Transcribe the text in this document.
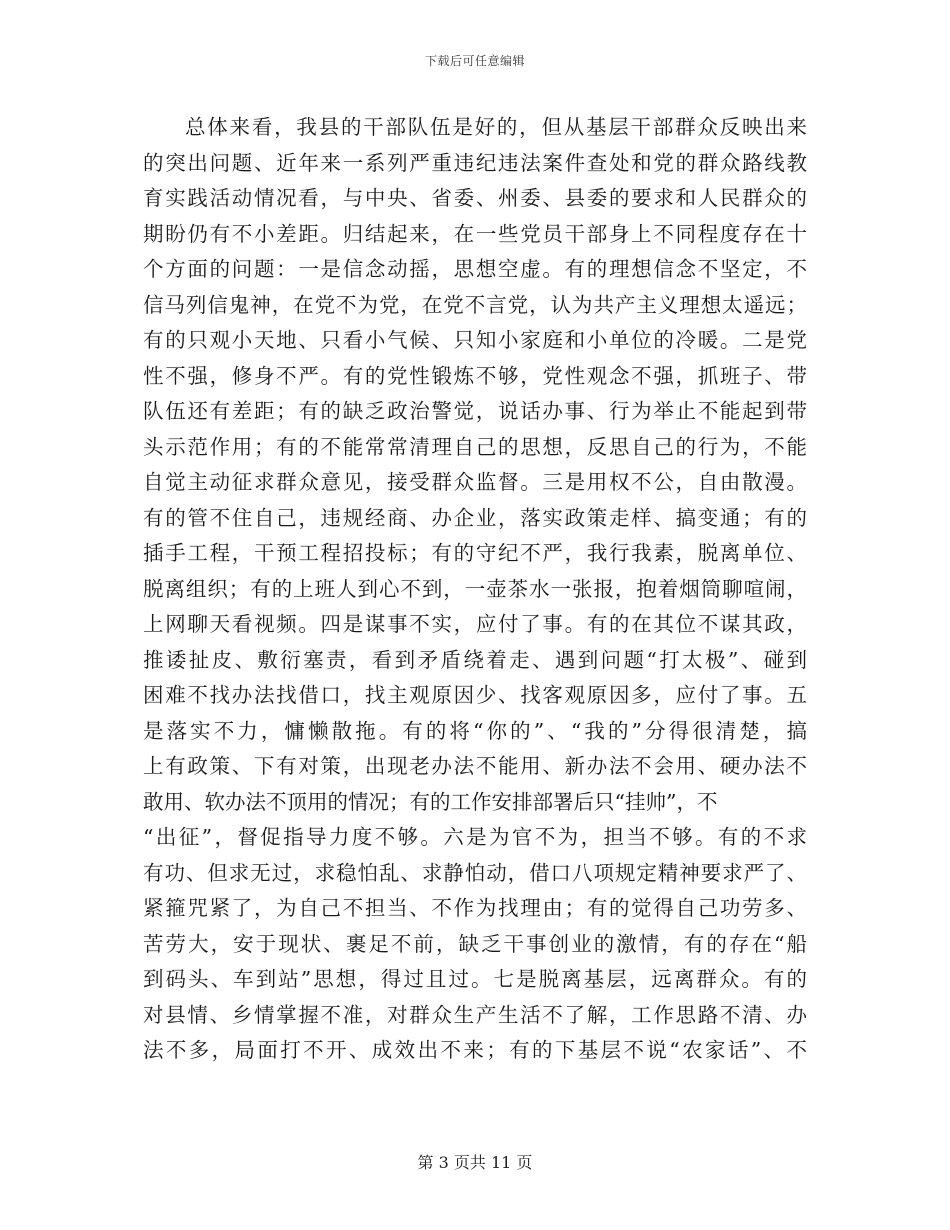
下载后可任意编辑
总体来看，我县的干部队伍是好的，但从基层干部群众反映出来
的突出问题、近年来一系列严重违纪违法案件查处和党的群众路线教
育实践活动情况看，与中央、省委、州委、县委的要求和人民群众的
期盼仍有不小差距。归结起来，在一些党员干部身上不同程度存在十
个方面的问题：一是信念动摇，思想空虚。有的理想信念不坚定，不
信马列信鬼神，在党不为党，在党不言党，认为共产主义理想太遥远；
有的只观小天地、只看小气候、只知小家庭和小单位的冷暖。二是党
性不强，修身不严。有的党性锻炼不够，党性观念不强，抓班子、带
队伍还有差距；有的缺乏政治警觉，说话办事、行为举止不能起到带
头示范作用；有的不能常常清理自己的思想，反思自己的行为，不能
自觉主动征求群众意见，接受群众监督。三是用权不公，自由散漫。
有的管不住自己，违规经商、办企业，落实政策走样、搞变通；有的
插手工程，干预工程招投标；有的守纪不严，我行我素，脱离单位、
脱离组织；有的上班人到心不到，一壶茶水一张报，抱着烟筒聊喧闹，
上网聊天看视频。四是谋事不实，应付了事。有的在其位不谋其政，
推诿扯皮、敷衍塞责，看到矛盾绕着走、遇到问题“打太极”、碰到
困难不找办法找借口，找主观原因少、找客观原因多，应付了事。五
是落实不力，慵懒散拖。有的将“你的”、“我的”分得很清楚，搞
上有政策、下有对策，出现老办法不能用、新办法不会用、硬办法不
敢用、软办法不顶用的情况；有的工作安排部署后只“挂帅”，不
“出征”，督促指导力度不够。六是为官不为，担当不够。有的不求
有功、但求无过，求稳怕乱、求静怕动，借口八项规定精神要求严了、
紧箍咒紧了，为自己不担当、不作为找理由；有的觉得自己功劳多、
苦劳大，安于现状、裹足不前，缺乏干事创业的激情，有的存在“船
到码头、车到站”思想，得过且过。七是脱离基层，远离群众。有的
对县情、乡情掌握不准，对群众生产生活不了解，工作思路不清、办
法不多，局面打不开、成效出不来；有的下基层不说“农家话”、不
第 3 页共 11 页
